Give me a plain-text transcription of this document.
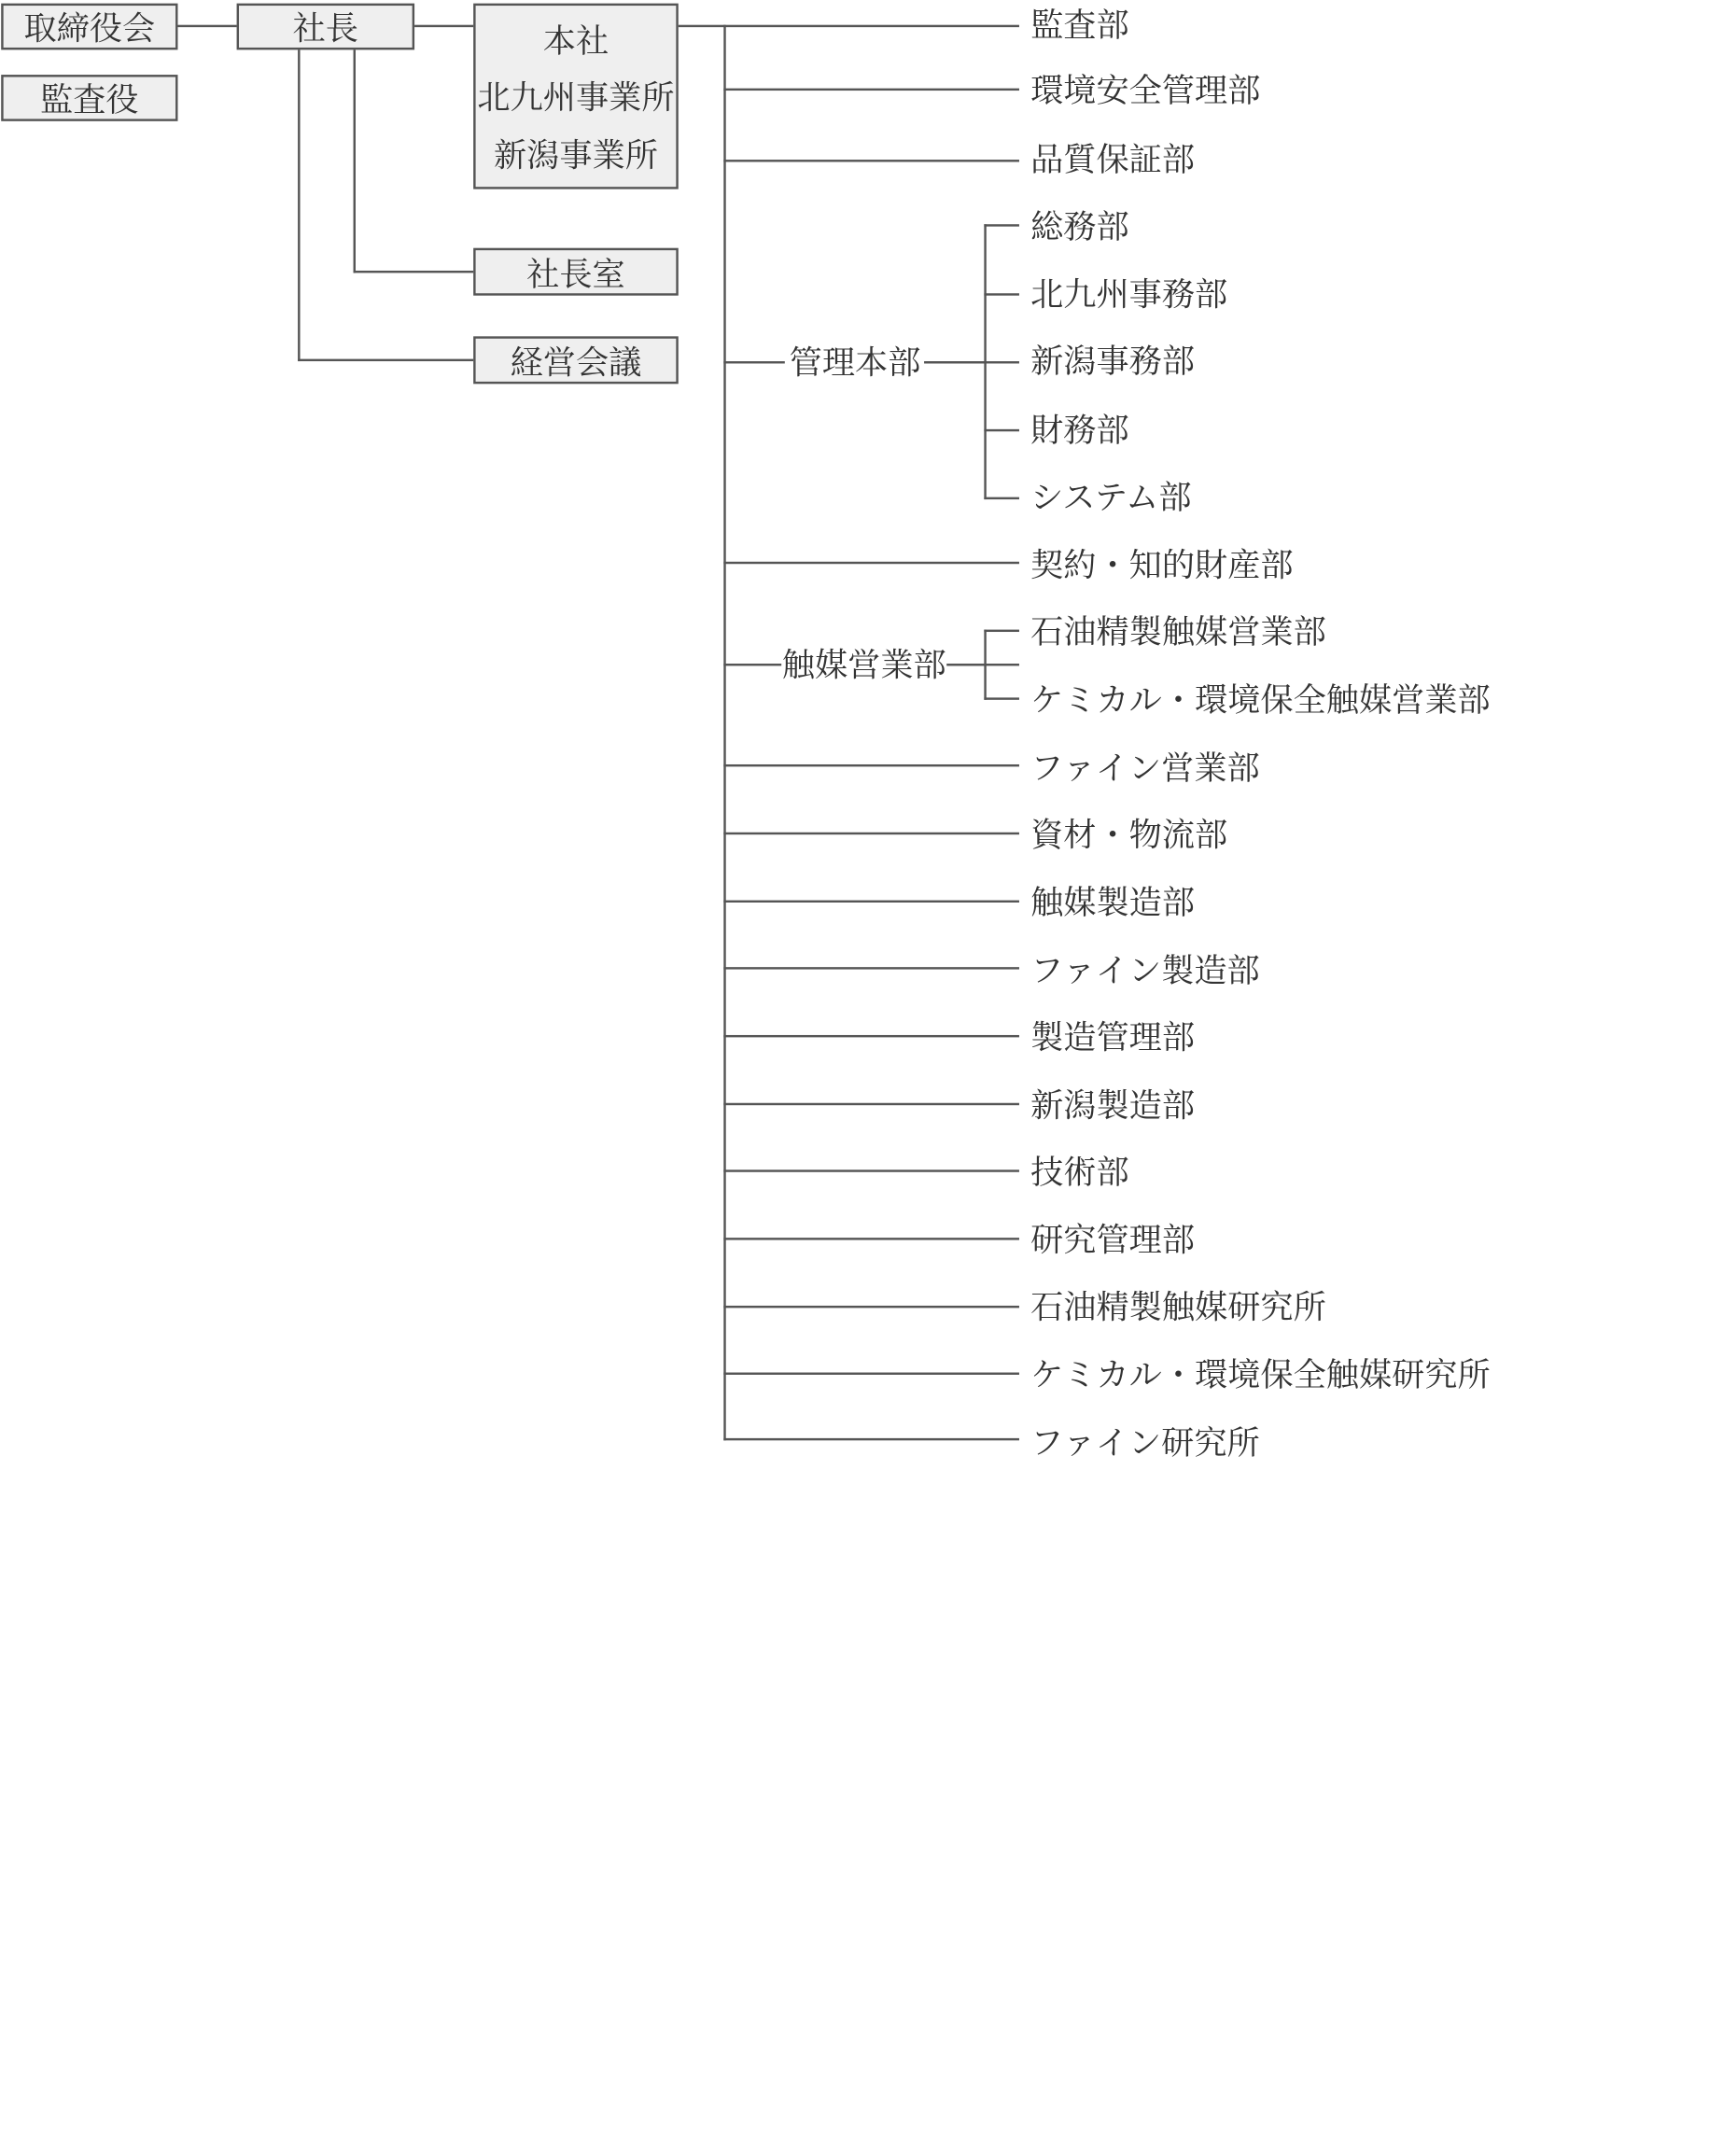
取締役会
監査役
社長	本社
北九州事業所
新潟事業所
社長室
経営会議	管理本部
触媒営業部
監査部
環境安全管理部
品質保証部
総務部
北九州事務部
新潟事務部
財務部
システム部
契約・知的財産部
石油精製触媒営業部
ケミカル・環境保全触媒営業部
ファイン営業部
資材・物流部
触媒製造部
ファイン製造部
製造管理部
新潟製造部
技術部
研究管理部
石油精製触媒研究所
ケミカル・環境保全触媒研究所
ファイン研究所
